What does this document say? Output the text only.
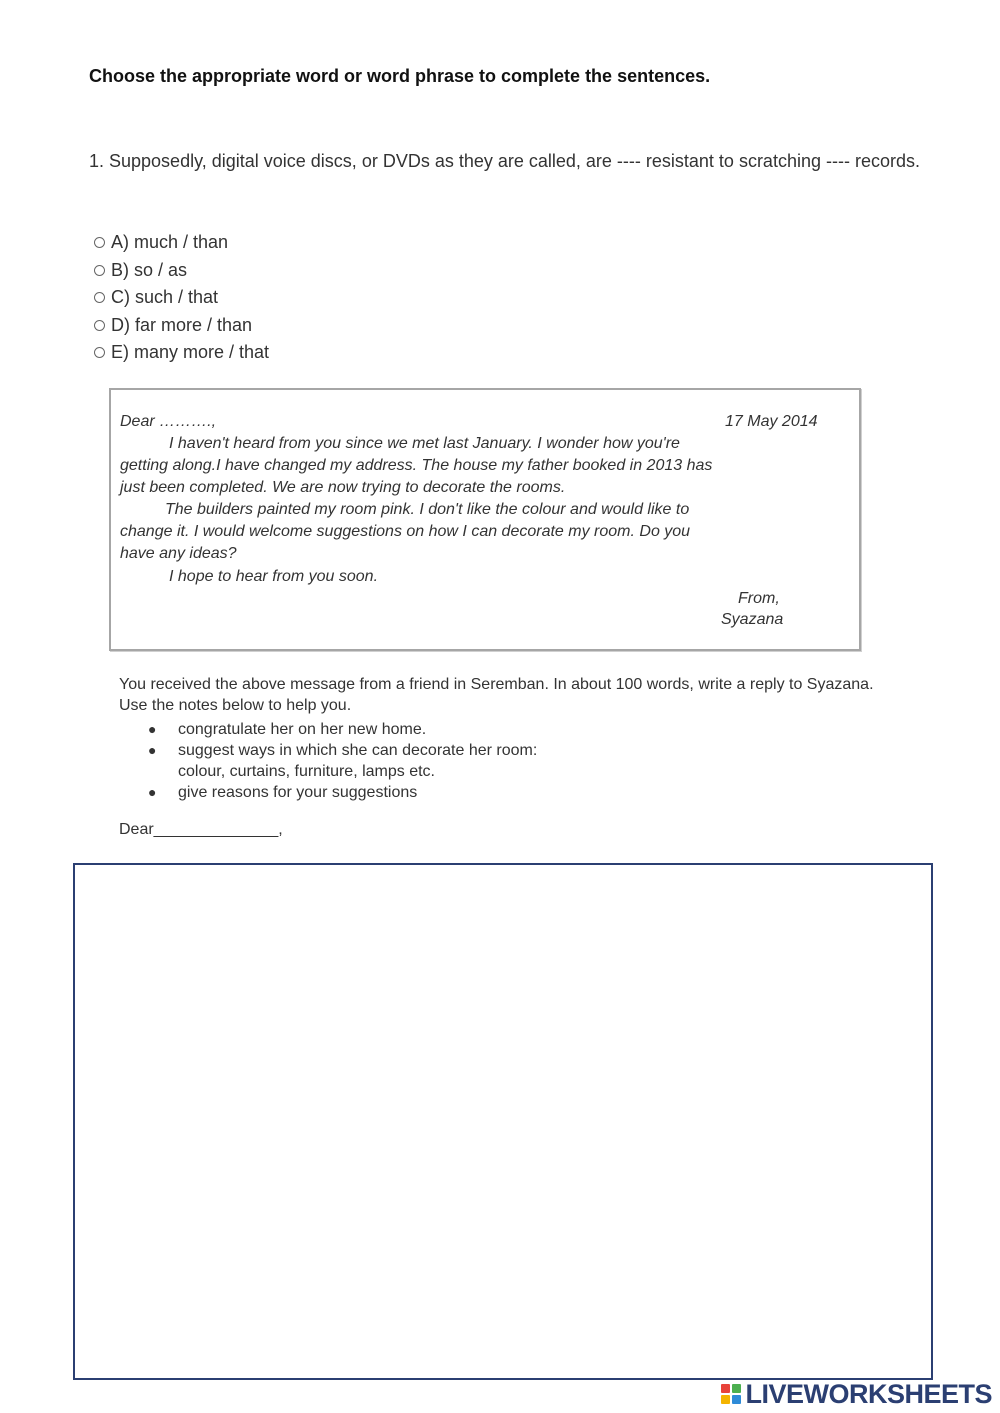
Choose the appropriate word or word phrase to complete the sentences.
1. Supposedly, digital voice discs, or DVDs as they are called, are ---- resistant to scratching ---- records.
A) much / than
B) so / as
C) such / that
D) far more / than
E) many more / that
Dear ……….,	17 May 2014
I haven't heard from you since we met last January. I wonder how you're
getting along.I have changed my address. The house my father booked in 2013 has
just been completed. We are now trying to decorate the rooms.
The builders painted my room pink. I don't like the colour and would like to
change it. I would welcome suggestions on how I can decorate my room. Do you
have any ideas?
I hope to hear from you soon.
From,
Syazana
You received the above message from a friend in Seremban. In about 100 words, write a reply to Syazana. Use the notes below to help you.
● congratulate her on her new home.
● suggest ways in which she can decorate her room:
colour, curtains, furniture, lamps etc.
● give reasons for your suggestions
Dear______________,
LIVEWORKSHEETS
